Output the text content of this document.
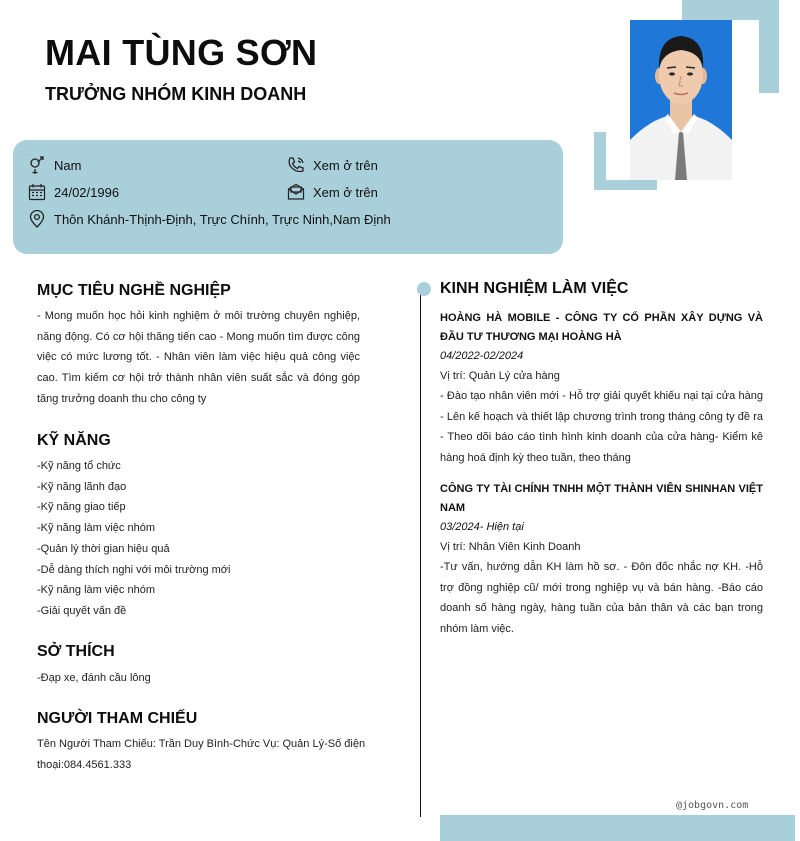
MAI TÙNG SƠN
TRƯỞNG NHÓM KINH DOANH
Nam	Xem ở trên
24/02/1996	Xem ở trên
Thôn Khánh-Thịnh-Định, Trực Chính, Trực Ninh,Nam Định
MỤC TIÊU NGHỀ NGHIỆP
- Mong muốn học hỏi kinh nghiệm ở môi trường chuyên nghiệp, năng động. Có cơ hội thăng tiến cao - Mong muốn tìm được công việc có mức lương tốt. - Nhân viên làm việc hiệu quả công việc cao. Tìm kiếm cơ hội trở thành nhân viên suất sắc và đóng góp tăng trưởng doanh thu cho công ty
KỸ NĂNG
-Kỹ năng tổ chức
-Kỹ năng lãnh đạo
-Kỹ năng giao tiếp
-Kỹ năng làm việc nhóm
-Quản lý thời gian hiệu quả
-Dễ dàng thích nghi với môi trường mới
-Kỹ năng làm việc nhóm
-Giải quyết vấn đề
SỞ THÍCH
-Đạp xe, đánh cầu lông
NGƯỜI THAM CHIẾU
Tên Người Tham Chiếu: Trần Duy Bình-Chức Vụ: Quản Lý-Số điện thoại:084.4561.333
KINH NGHIỆM LÀM VIỆC
HOÀNG HÀ MOBILE - CÔNG TY CỔ PHẦN XÂY DỰNG VÀ ĐẦU TƯ THƯƠNG MẠI HOÀNG HÀ
04/2022-02/2024
Vị trí: Quản Lý cửa hàng
- Đào tạo nhân viên mới - Hỗ trợ giải quyết khiếu nại tại cửa hàng - Lên kế hoạch và thiết lập chương trình trong tháng công ty đề ra - Theo dõi báo cáo tình hình kinh doanh của cửa hàng- Kiểm kê hàng hoá định kỳ theo tuần, theo tháng
CÔNG TY TÀI CHÍNH TNHH MỘT THÀNH VIÊN SHINHAN VIỆT NAM
03/2024- Hiện tại
Vị trí: Nhân Viên Kinh Doanh
-Tư vấn, hướng dẫn KH làm hồ sơ. - Đôn đốc nhắc nợ KH. -Hỗ trợ đồng nghiệp cũ/ mới trong nghiệp vụ và bán hàng. -Báo cáo doanh số hàng ngày, hàng tuần của bản thân và các bạn trong nhóm làm việc.
@jobgovn.com
